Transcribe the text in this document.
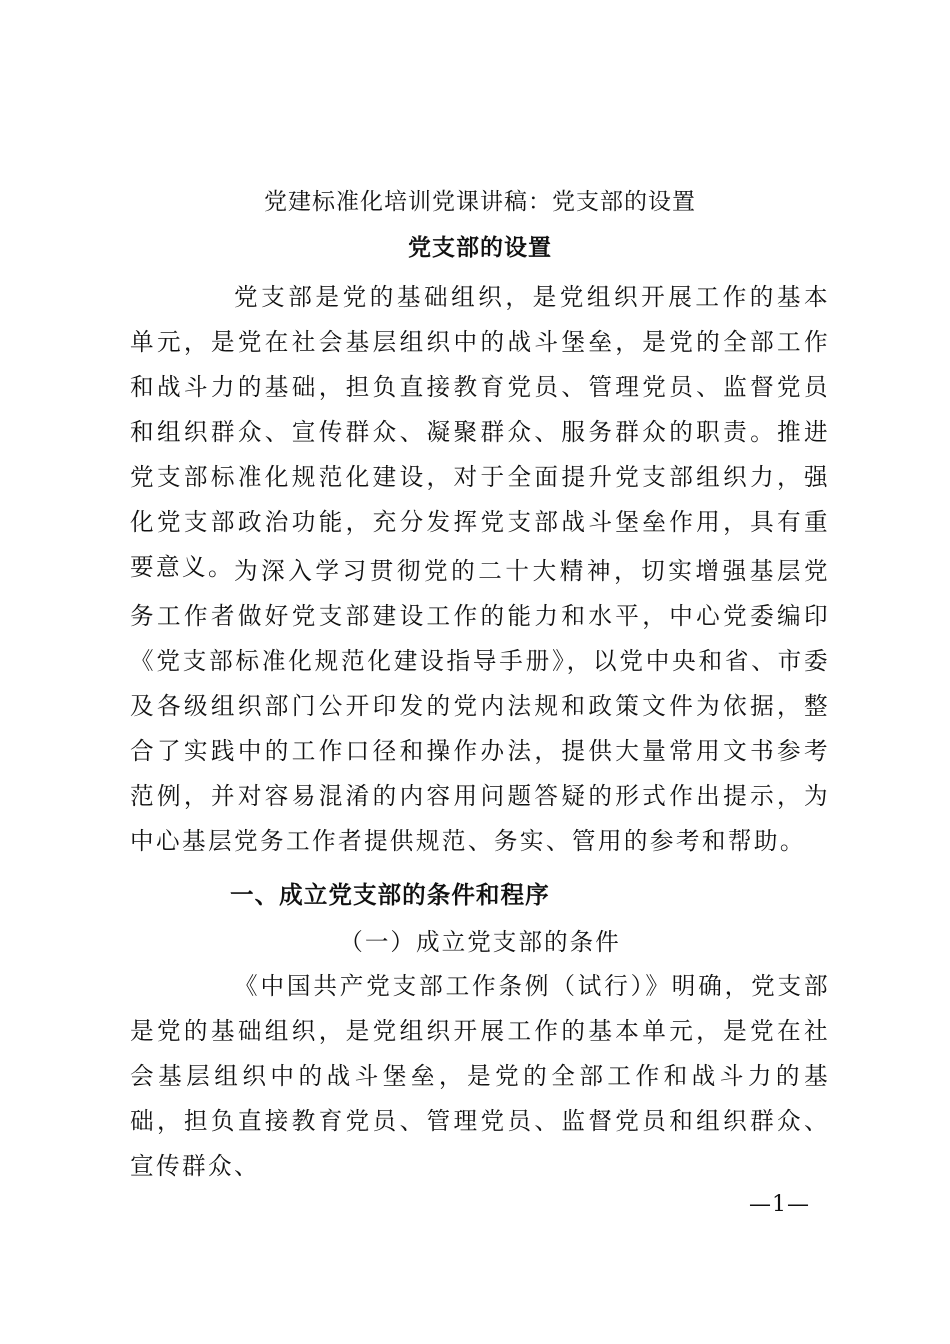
党建标准化培训党课讲稿：党支部的设置
党支部的设置

党支部是党的基础组织，是党组织开展工作的基本单元，是党在社会基层组织中的战斗堡垒，是党的全部工作和战斗力的基础，担负直接教育党员、管理党员、监督党员和组织群众、宣传群众、凝聚群众、服务群众的职责。推进党支部标准化规范化建设，对于全面提升党支部组织力，强化党支部政治功能，充分发挥党支部战斗堡垒作用，具有重要意义。 为深入学习贯彻党的二十大精神，切实增强基层党务工作者做好党支部建设工作的能力和水平，中心党委编印《党支部标准化规范化建设指导手册》，以党中央和省、市委及各级组织部门公开印发的党内法规和政策文件为依据，整合了实践中的工作口径和操作办法，提供大量常用文书参考范例，并对容易混淆的内容用问题答疑的形式作出提示，为中心基层党务工作者提供规范、务实、管用的参考和帮助。

一、成立党支部的条件和程序
（一）成立党支部的条件

《中国共产党支部工作条例（试行）》明确，党支部是党的基础组织，是党组织开展工作的基本单元，是党在社会基层组织中的战斗堡垒，是党的全部工作和战斗力的基础，担负直接教育党员、管理党员、监督党员和组织群众、宣传群众、

—1—
